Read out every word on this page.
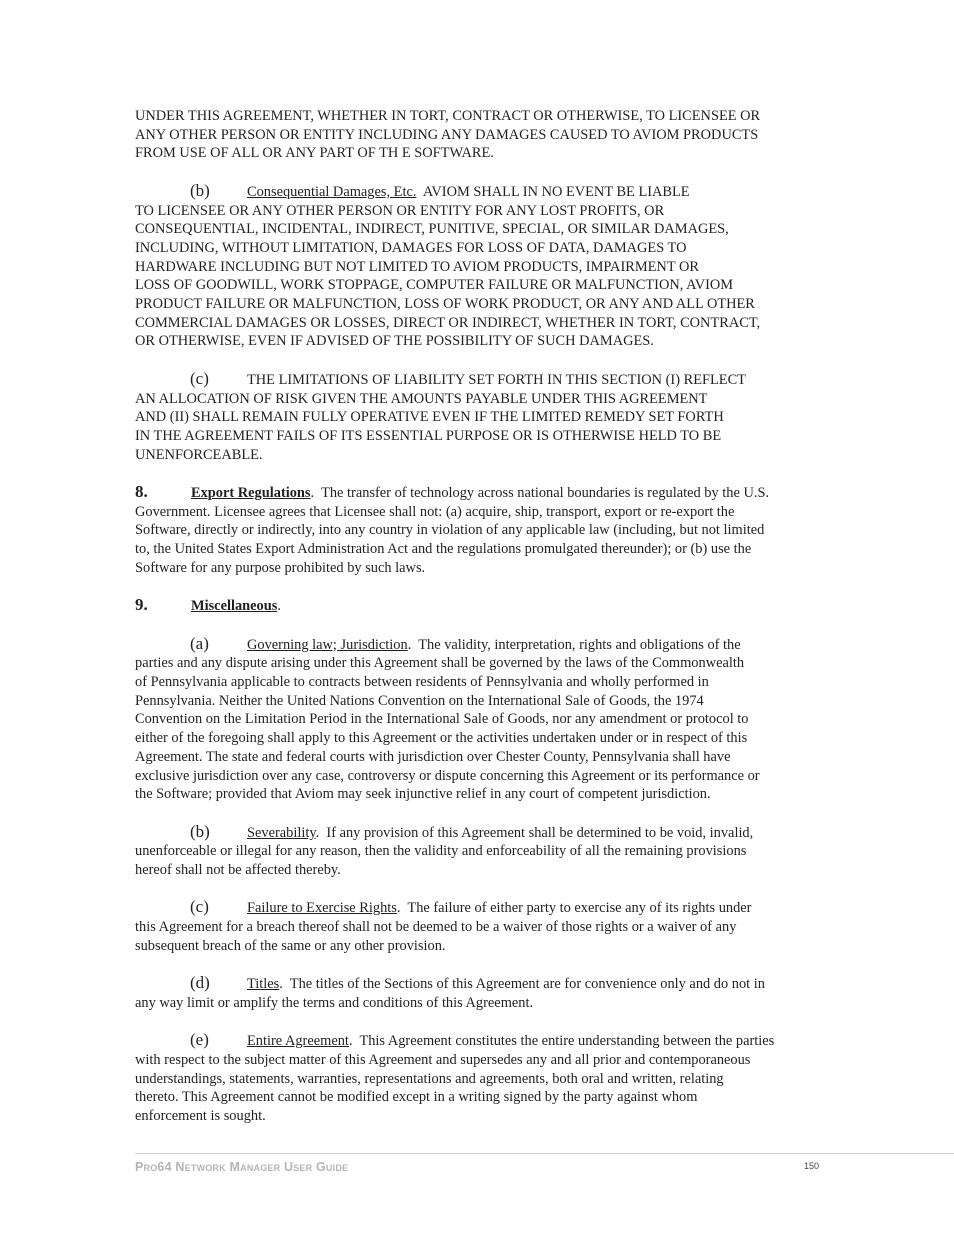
UNDER THIS AGREEMENT, WHETHER IN TORT, CONTRACT OR OTHERWISE, TO LICENSEE OR
ANY OTHER PERSON OR ENTITY INCLUDING ANY DAMAGES CAUSED TO AVIOM PRODUCTS
FROM USE OF ALL OR ANY PART OF TH E SOFTWARE.
(b)	Consequential Damages, Etc.  AVIOM SHALL IN NO EVENT BE LIABLE
TO LICENSEE OR ANY OTHER PERSON OR ENTITY FOR ANY LOST PROFITS, OR
CONSEQUENTIAL, INCIDENTAL, INDIRECT, PUNITIVE, SPECIAL, OR SIMILAR DAMAGES,
INCLUDING, WITHOUT LIMITATION, DAMAGES FOR LOSS OF DATA, DAMAGES TO
HARDWARE INCLUDING BUT NOT LIMITED TO AVIOM PRODUCTS, IMPAIRMENT OR
LOSS OF GOODWILL, WORK STOPPAGE, COMPUTER FAILURE OR MALFUNCTION, AVIOM
PRODUCT FAILURE OR MALFUNCTION, LOSS OF WORK PRODUCT, OR ANY AND ALL OTHER
COMMERCIAL DAMAGES OR LOSSES, DIRECT OR INDIRECT, WHETHER IN TORT, CONTRACT,
OR OTHERWISE, EVEN IF ADVISED OF THE POSSIBILITY OF SUCH DAMAGES.
(c)	THE LIMITATIONS OF LIABILITY SET FORTH IN THIS SECTION (I) REFLECT
AN ALLOCATION OF RISK GIVEN THE AMOUNTS PAYABLE UNDER THIS AGREEMENT
AND (II) SHALL REMAIN FULLY OPERATIVE EVEN IF THE LIMITED REMEDY SET FORTH
IN THE AGREEMENT FAILS OF ITS ESSENTIAL PURPOSE OR IS OTHERWISE HELD TO BE
UNENFORCEABLE.
8.	Export Regulations.  The transfer of technology across national boundaries is regulated by the U.S.
Government. Licensee agrees that Licensee shall not: (a) acquire, ship, transport, export or re-export the
Software, directly or indirectly, into any country in violation of any applicable law (including, but not limited
to, the United States Export Administration Act and the regulations promulgated thereunder); or (b) use the
Software for any purpose prohibited by such laws.
9.	Miscellaneous.
(a)	Governing law; Jurisdiction.  The validity, interpretation, rights and obligations of the
parties and any dispute arising under this Agreement shall be governed by the laws of the Commonwealth
of Pennsylvania applicable to contracts between residents of Pennsylvania and wholly performed in
Pennsylvania. Neither the United Nations Convention on the International Sale of Goods, the 1974
Convention on the Limitation Period in the International Sale of Goods, nor any amendment or protocol to
either of the foregoing shall apply to this Agreement or the activities undertaken under or in respect of this
Agreement. The state and federal courts with jurisdiction over Chester County, Pennsylvania shall have
exclusive jurisdiction over any case, controversy or dispute concerning this Agreement or its performance or
the Software; provided that Aviom may seek injunctive relief in any court of competent jurisdiction.
(b)	Severability.  If any provision of this Agreement shall be determined to be void, invalid,
unenforceable or illegal for any reason, then the validity and enforceability of all the remaining provisions
hereof shall not be affected thereby.
(c)	Failure to Exercise Rights.  The failure of either party to exercise any of its rights under
this Agreement for a breach thereof shall not be deemed to be a waiver of those rights or a waiver of any
subsequent breach of the same or any other provision.
(d)	Titles.  The titles of the Sections of this Agreement are for convenience only and do not in
any way limit or amplify the terms and conditions of this Agreement.
(e)	Entire Agreement.  This Agreement constitutes the entire understanding between the parties
with respect to the subject matter of this Agreement and supersedes any and all prior and contemporaneous
understandings, statements, warranties, representations and agreements, both oral and written, relating
thereto. This Agreement cannot be modified except in a writing signed by the party against whom
enforcement is sought.
Pro64 Network Manager User Guide	150
